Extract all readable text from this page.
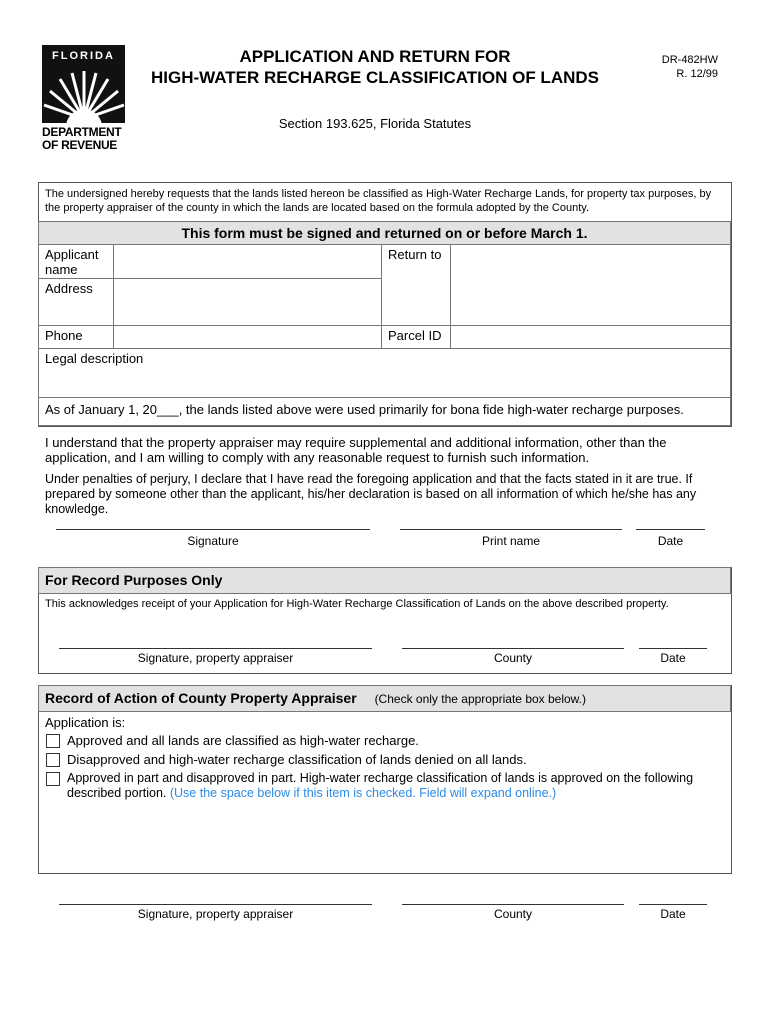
FLORIDA
DEPARTMENT
OF REVENUE
APPLICATION AND RETURN FOR
HIGH-WATER RECHARGE CLASSIFICATION OF LANDS
DR-482HW
R. 12/99
Section 193.625, Florida Statutes
The undersigned hereby requests that the lands listed hereon be classified as High-Water Recharge Lands, for property tax purposes, by the property appraiser of the county in which the lands are located based on the formula adopted by the County.
This form must be signed and returned on or before March 1.
Applicant name
Address
Return to
Phone	Parcel ID
Legal description
As of January 1, 20___, the lands listed above were used primarily for bona fide high-water recharge purposes.
I understand that the property appraiser may require supplemental and additional information, other than the application, and I am willing to comply with any reasonable request to furnish such information.
Under penalties of perjury, I declare that I have read the foregoing application and that the facts stated in it are true. If prepared by someone other than the applicant, his/her declaration is based on all information of which he/she has any knowledge.
Signature	Print name	Date
For Record Purposes Only
This acknowledges receipt of your Application for High-Water Recharge Classification of Lands on the above described property.
Signature, property appraiser	County	Date
Record of Action of County Property Appraiser (Check only the appropriate box below.)
Application is:
Approved and all lands are classified as high-water recharge.
Disapproved and high-water recharge classification of lands denied on all lands.
Approved in part and disapproved in part. High-water recharge classification of lands is approved on the following
described portion. (Use the space below if this item is checked. Field will expand online.)
Signature, property appraiser	County	Date
